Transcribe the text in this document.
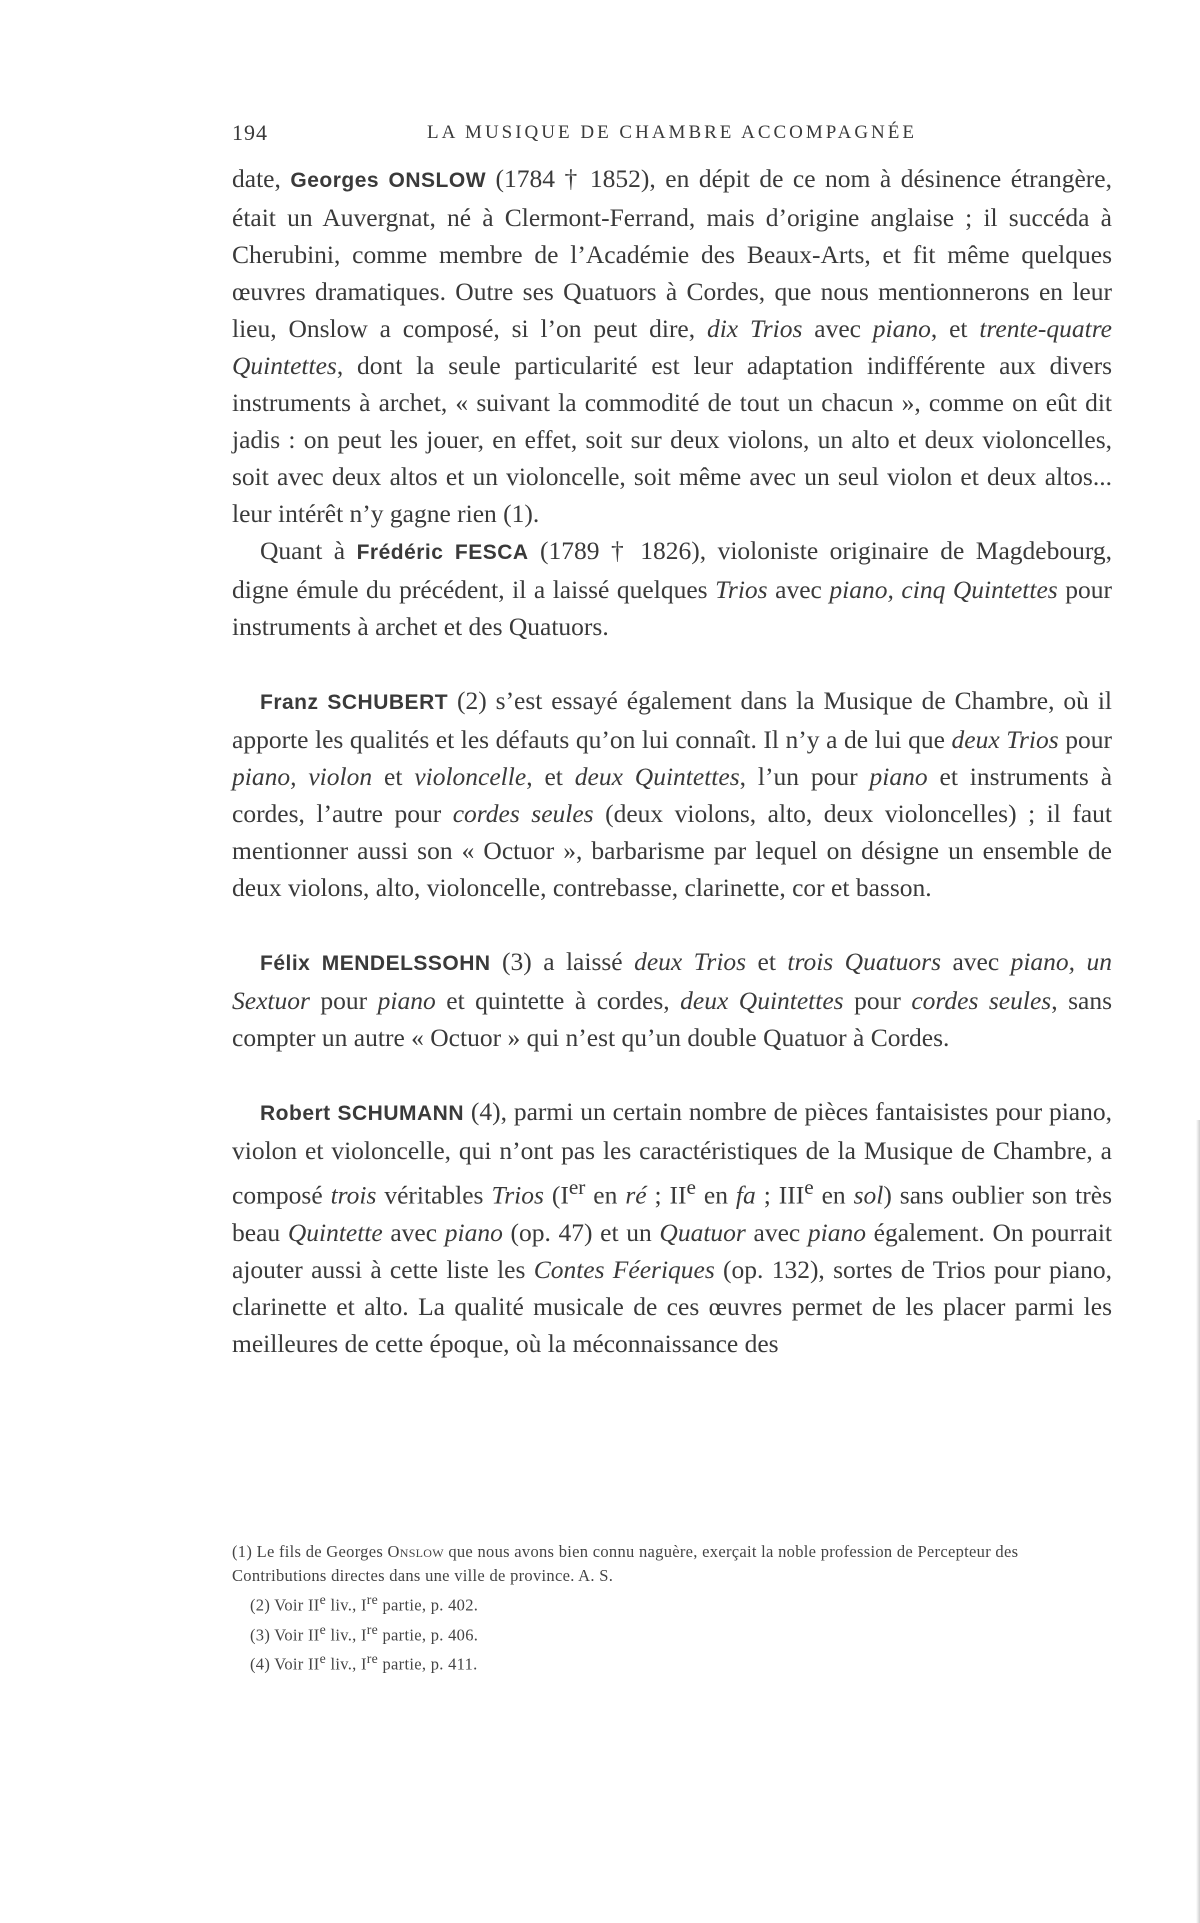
194	LA MUSIQUE DE CHAMBRE ACCOMPAGNÉE

date, Georges ONSLOW (1784 † 1852), en dépit de ce nom à désinence étrangère, était un Auvergnat, né à Clermont-Ferrand, mais d’origine anglaise ; il succéda à Cherubini, comme membre de l’Académie des Beaux-Arts, et fit même quelques œuvres dramatiques. Outre ses Quatuors à Cordes, que nous mentionnerons en leur lieu, Onslow a composé, si l’on peut dire, dix Trios avec piano, et trente-quatre Quintettes, dont la seule particularité est leur adaptation indifférente aux divers instruments à archet, « suivant la commodité de tout un chacun », comme on eût dit jadis : on peut les jouer, en effet, soit sur deux violons, un alto et deux violoncelles, soit avec deux altos et un violoncelle, soit même avec un seul violon et deux altos... leur intérêt n’y gagne rien (1).

Quant à Frédéric FESCA (1789 † 1826), violoniste originaire de Magdebourg, digne émule du précédent, il a laissé quelques Trios avec piano, cinq Quintettes pour instruments à archet et des Quatuors.

Franz SCHUBERT (2) s’est essayé également dans la Musique de Chambre, où il apporte les qualités et les défauts qu’on lui connaît. Il n’y a de lui que deux Trios pour piano, violon et violoncelle, et deux Quintettes, l’un pour piano et instruments à cordes, l’autre pour cordes seules (deux violons, alto, deux violoncelles) ; il faut mentionner aussi son « Octuor », barbarisme par lequel on désigne un ensemble de deux violons, alto, violoncelle, contrebasse, clarinette, cor et basson.

Félix MENDELSSOHN (3) a laissé deux Trios et trois Quatuors avec piano, un Sextuor pour piano et quintette à cordes, deux Quintettes pour cordes seules, sans compter un autre « Octuor » qui n’est qu’un double Quatuor à Cordes.

Robert SCHUMANN (4), parmi un certain nombre de pièces fantaisistes pour piano, violon et violoncelle, qui n’ont pas les caractéristiques de la Musique de Chambre, a composé trois véritables Trios (Ier en ré ; IIe en fa ; IIIe en sol) sans oublier son très beau Quintette avec piano (op. 47) et un Quatuor avec piano également. On pourrait ajouter aussi à cette liste les Contes Féeriques (op. 132), sortes de Trios pour piano, clarinette et alto. La qualité musicale de ces œuvres permet de les placer parmi les meilleures de cette époque, où la méconnaissance des

(1) Le fils de Georges Onslow que nous avons bien connu naguère, exerçait la noble profession de Percepteur des Contributions directes dans une ville de province. A. S.

(2) Voir IIe liv., Ire partie, p. 402.

(3) Voir IIe liv., Ire partie, p. 406.

(4) Voir IIe liv., Ire partie, p. 411.
